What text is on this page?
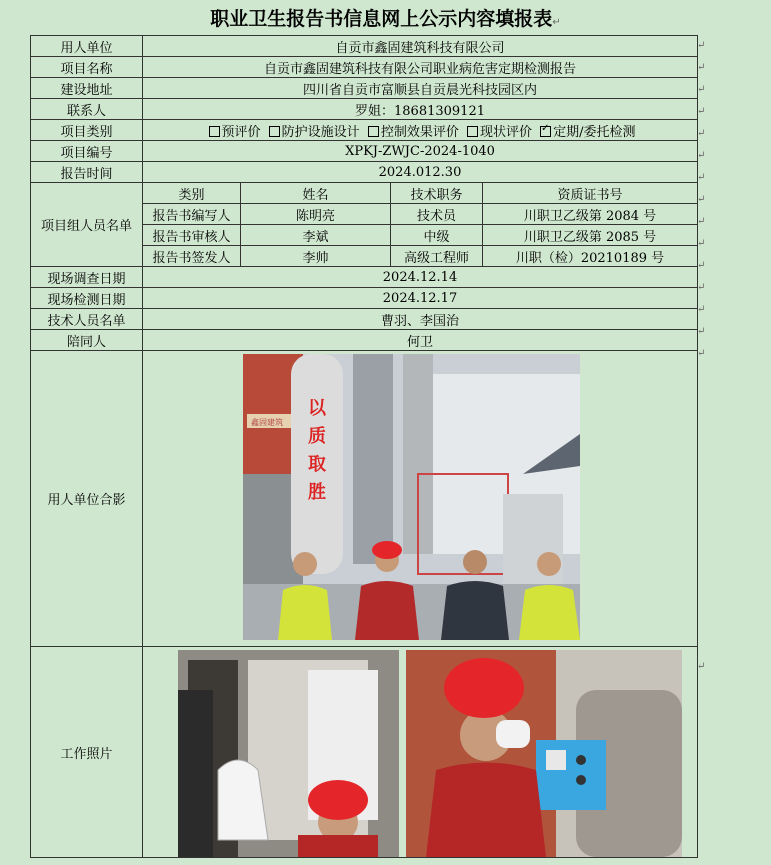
职业卫生报告书信息网上公示内容填报表↵
用人单位	自贡市鑫固建筑科技有限公司			
项目名称	自贡市鑫固建筑科技有限公司职业病危害定期检测报告			
建设地址	四川省自贡市富顺县自贡晨光科技园区内			
联系人	罗姐：18681309121			
项目类别	预评价 防护设施设计 控制效果评价 现状评价 ✓ 定期/委托检测
项目编号	XPKJ-ZWJC-2024-1040			
报告时间	2024.012.30			
项目组人员名单	类别	姓名	技术职务	资质证书号
	报告书编写人	陈明亮	技术员	川职卫乙级第 2084 号
	报告书审核人	李斌	中级	川职卫乙级第 2085 号
	报告书签发人	李帅	高级工程师	川职（检）20210189 号
现场调查日期	2024.12.14			
现场检测日期	2024.12.17			
技术人员名单	曹羽、李国治			
陪同人	何卫			
用人单位合影	鑫固建筑
以质取胜			

工作照片	
↵
↵
↵
↵
↵
↵
↵
↵
↵
↵
↵
↵
↵
↵
↵
↵
